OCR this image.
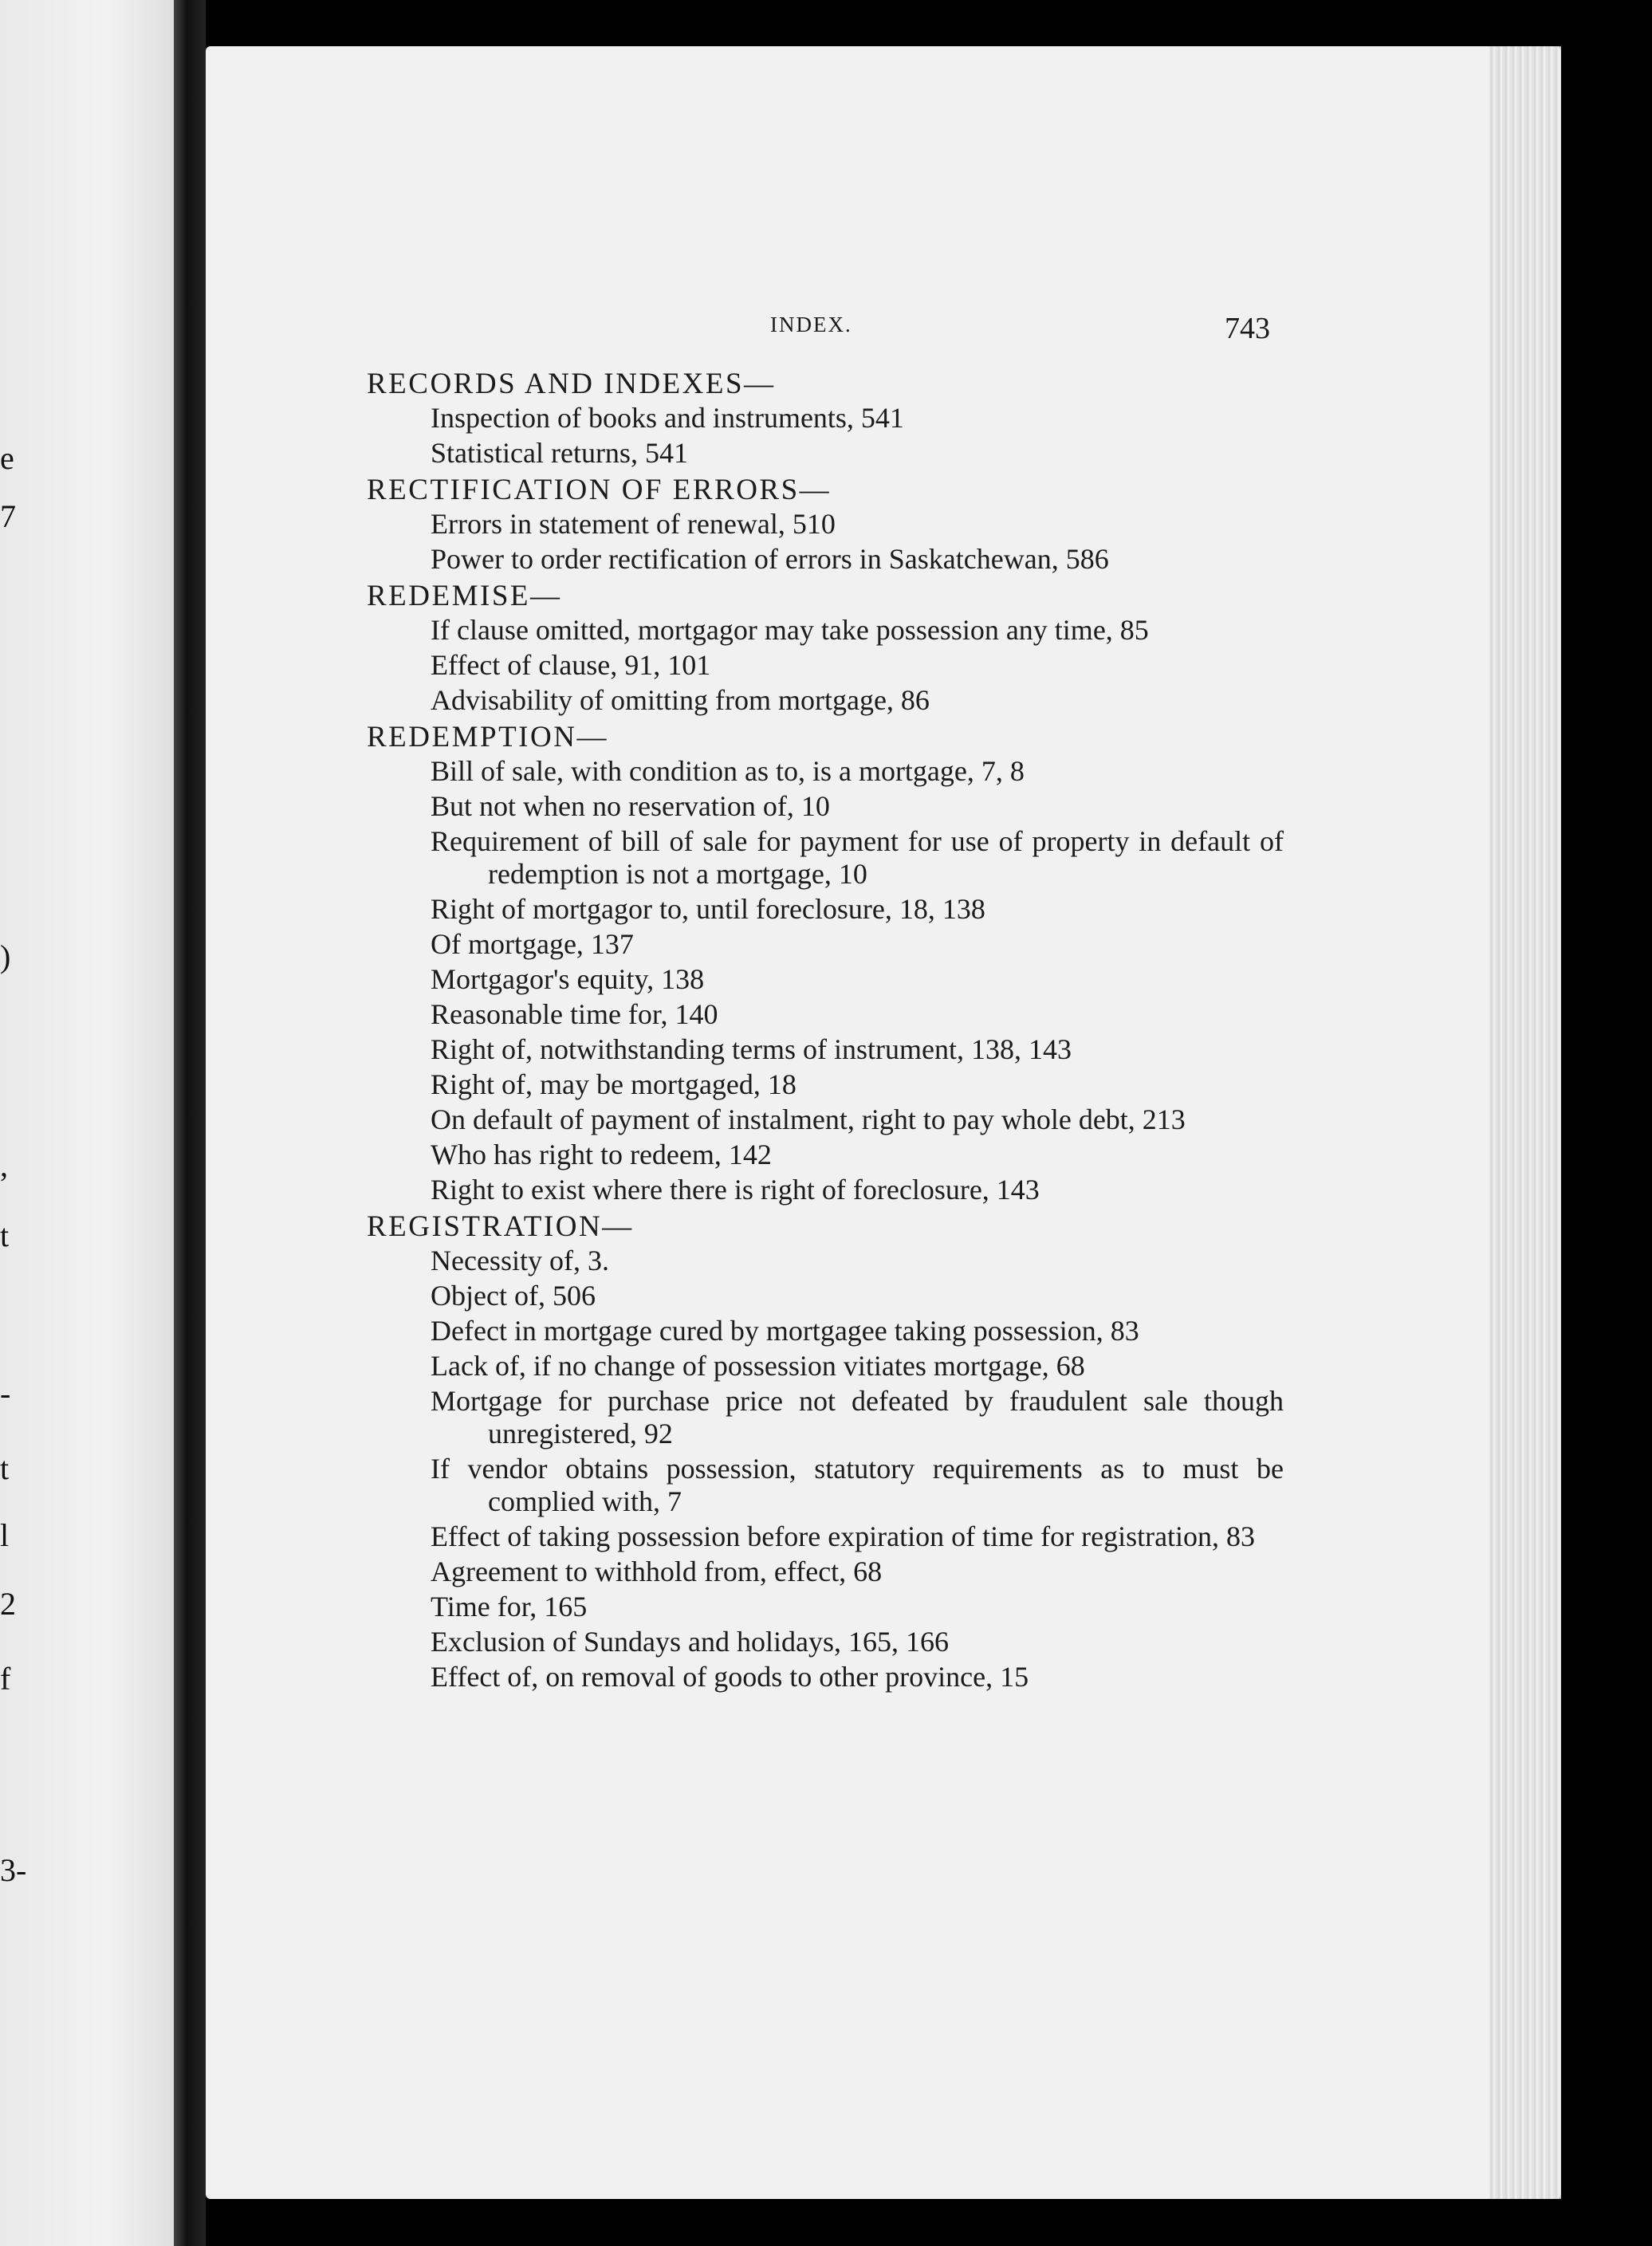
e
7
)
,
t
-
t
l
2
f
3-
INDEX.	743
RECORDS AND INDEXES—
Inspection of books and instruments, 541
Statistical returns, 541
RECTIFICATION OF ERRORS—
Errors in statement of renewal, 510
Power to order rectification of errors in Saskatchewan, 586
REDEMISE—
If clause omitted, mortgagor may take possession any time, 85
Effect of clause, 91, 101
Advisability of omitting from mortgage, 86
REDEMPTION—
Bill of sale, with condition as to, is a mortgage, 7, 8
But not when no reservation of, 10
Requirement of bill of sale for payment for use of property in default of redemption is not a mortgage, 10
Right of mortgagor to, until foreclosure, 18, 138
Of mortgage, 137
Mortgagor's equity, 138
Reasonable time for, 140
Right of, notwithstanding terms of instrument, 138, 143
Right of, may be mortgaged, 18
On default of payment of instalment, right to pay whole debt, 213
Who has right to redeem, 142
Right to exist where there is right of foreclosure, 143
REGISTRATION—
Necessity of, 3.
Object of, 506
Defect in mortgage cured by mortgagee taking possession, 83
Lack of, if no change of possession vitiates mortgage, 68
Mortgage for purchase price not defeated by fraudulent sale though unregistered, 92
If vendor obtains possession, statutory requirements as to must be complied with, 7
Effect of taking possession before expiration of time for registration, 83
Agreement to withhold from, effect, 68
Time for, 165
Exclusion of Sundays and holidays, 165, 166
Effect of, on removal of goods to other province, 15
